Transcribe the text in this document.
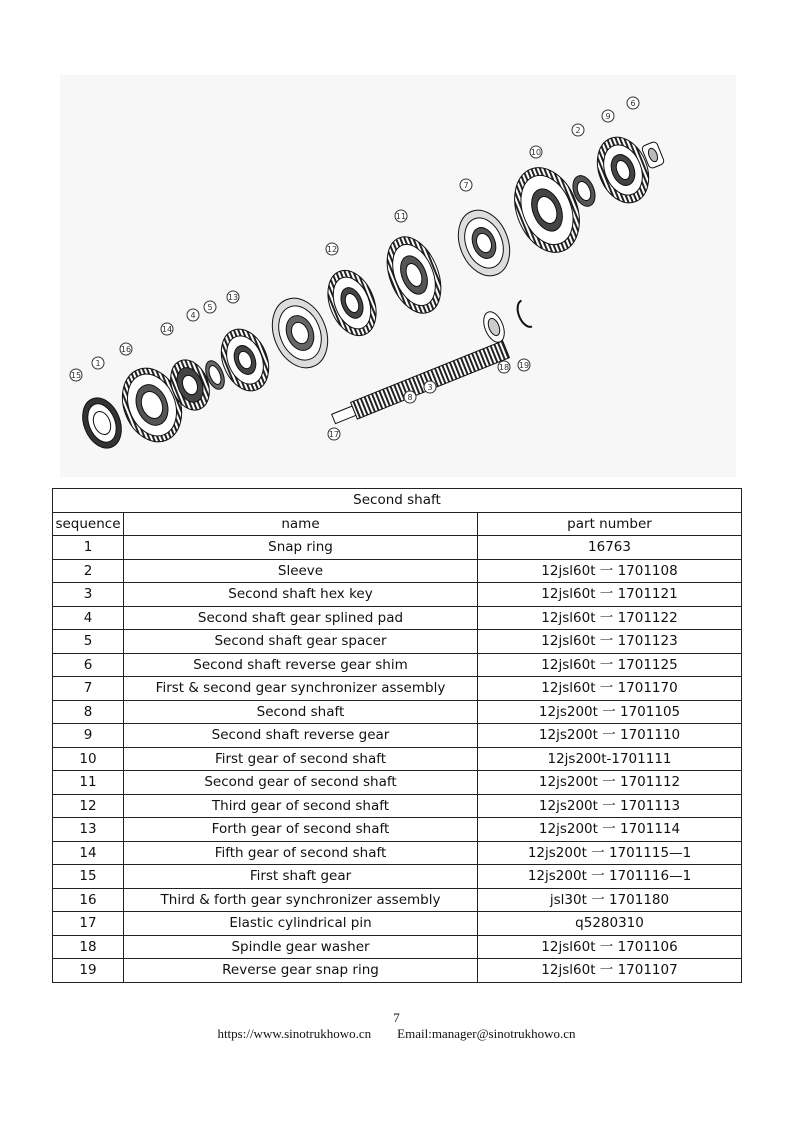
15
1
16
14
4
5
13
12
11
7
10
2
9
6
17
8
3
18 19
Second shaft		
sequence	name	part number
1	Snap ring	16763
2	Sleeve	12jsl60t 一 1701108
3	Second shaft hex key	12jsl60t 一 1701121
4	Second shaft gear splined pad	12jsl60t 一 1701122
5	Second shaft gear spacer	12jsl60t 一 1701123
6	Second shaft reverse gear shim	12jsl60t 一 1701125
7	First & second gear synchronizer assembly	12jsl60t 一 1701170
8	Second shaft	12js200t 一 1701105
9	Second shaft reverse gear	12js200t 一 1701110
10	First gear of second shaft	12js200t-1701111
11	Second gear of second shaft	12js200t 一 1701112
12	Third gear of second shaft	12js200t 一 1701113
13	Forth gear of second shaft	12js200t 一 1701114
14	Fifth gear of second shaft	12js200t 一 1701115—1
15	First shaft gear	12js200t 一 1701116—1
16	Third & forth gear synchronizer assembly	jsl30t 一 1701180
17	Elastic cylindrical pin	q5280310
18	Spindle gear washer	12jsl60t 一 1701106
19	Reverse gear snap ring	12jsl60t 一 1701107
7
https://www.sinotrukhowo.cn Email:manager@sinotrukhowo.cn
